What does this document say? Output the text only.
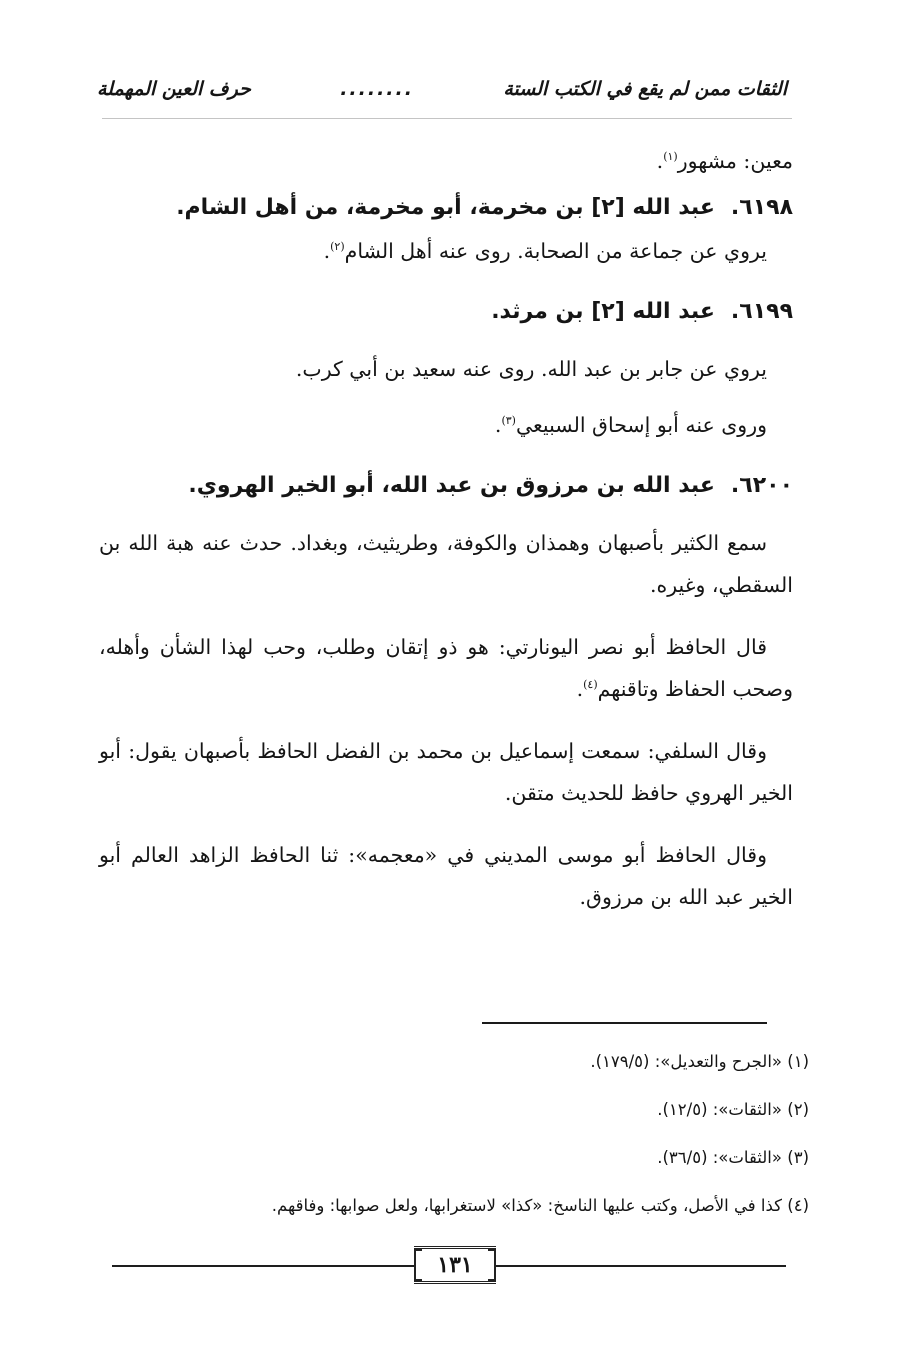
الثقات ممن لم يقع في الكتب الستة
........
حرف العين المهملة

معين: مشهور$^{(١)}$.

٦١٩٨.عبد الله [٢] بن مخرمة، أبو مخرمة، من أهل الشام.

يروي عن جماعة من الصحابة. روى عنه أهل الشام$^{(٢)}$.

٦١٩٩.عبد الله [٢] بن مرثد.

يروي عن جابر بن عبد الله. روى عنه سعيد بن أبي كرب.

وروى عنه أبو إسحاق السبيعي$^{(٣)}$.

٦٢٠٠.عبد الله بن مرزوق بن عبد الله، أبو الخير الهروي.

سمع الكثير بأصبهان وهمذان والكوفة، وطريثيث، وبغداد. حدث عنه هبة الله بن السقطي، وغيره.

قال الحافظ أبو نصر اليونارتي: هو ذو إتقان وطلب، وحب لهذا الشأن وأهله، وصحب الحفاظ وتاقنهم$^{(٤)}$.

وقال السلفي: سمعت إسماعيل بن محمد بن الفضل الحافظ بأصبهان يقول: أبو الخير الهروي حافظ للحديث متقن.

وقال الحافظ أبو موسى المديني في «معجمه»: ثنا الحافظ الزاهد العالم أبو الخير عبد الله بن مرزوق.

(١) «الجرح والتعديل»: (١٧٩/٥).
(٢) «الثقات»: (١٢/٥).
(٣) «الثقات»: (٣٦/٥).
(٤) كذا في الأصل، وكتب عليها الناسخ: «كذا» لاستغرابها، ولعل صوابها: وفاقهم.
١٣١
